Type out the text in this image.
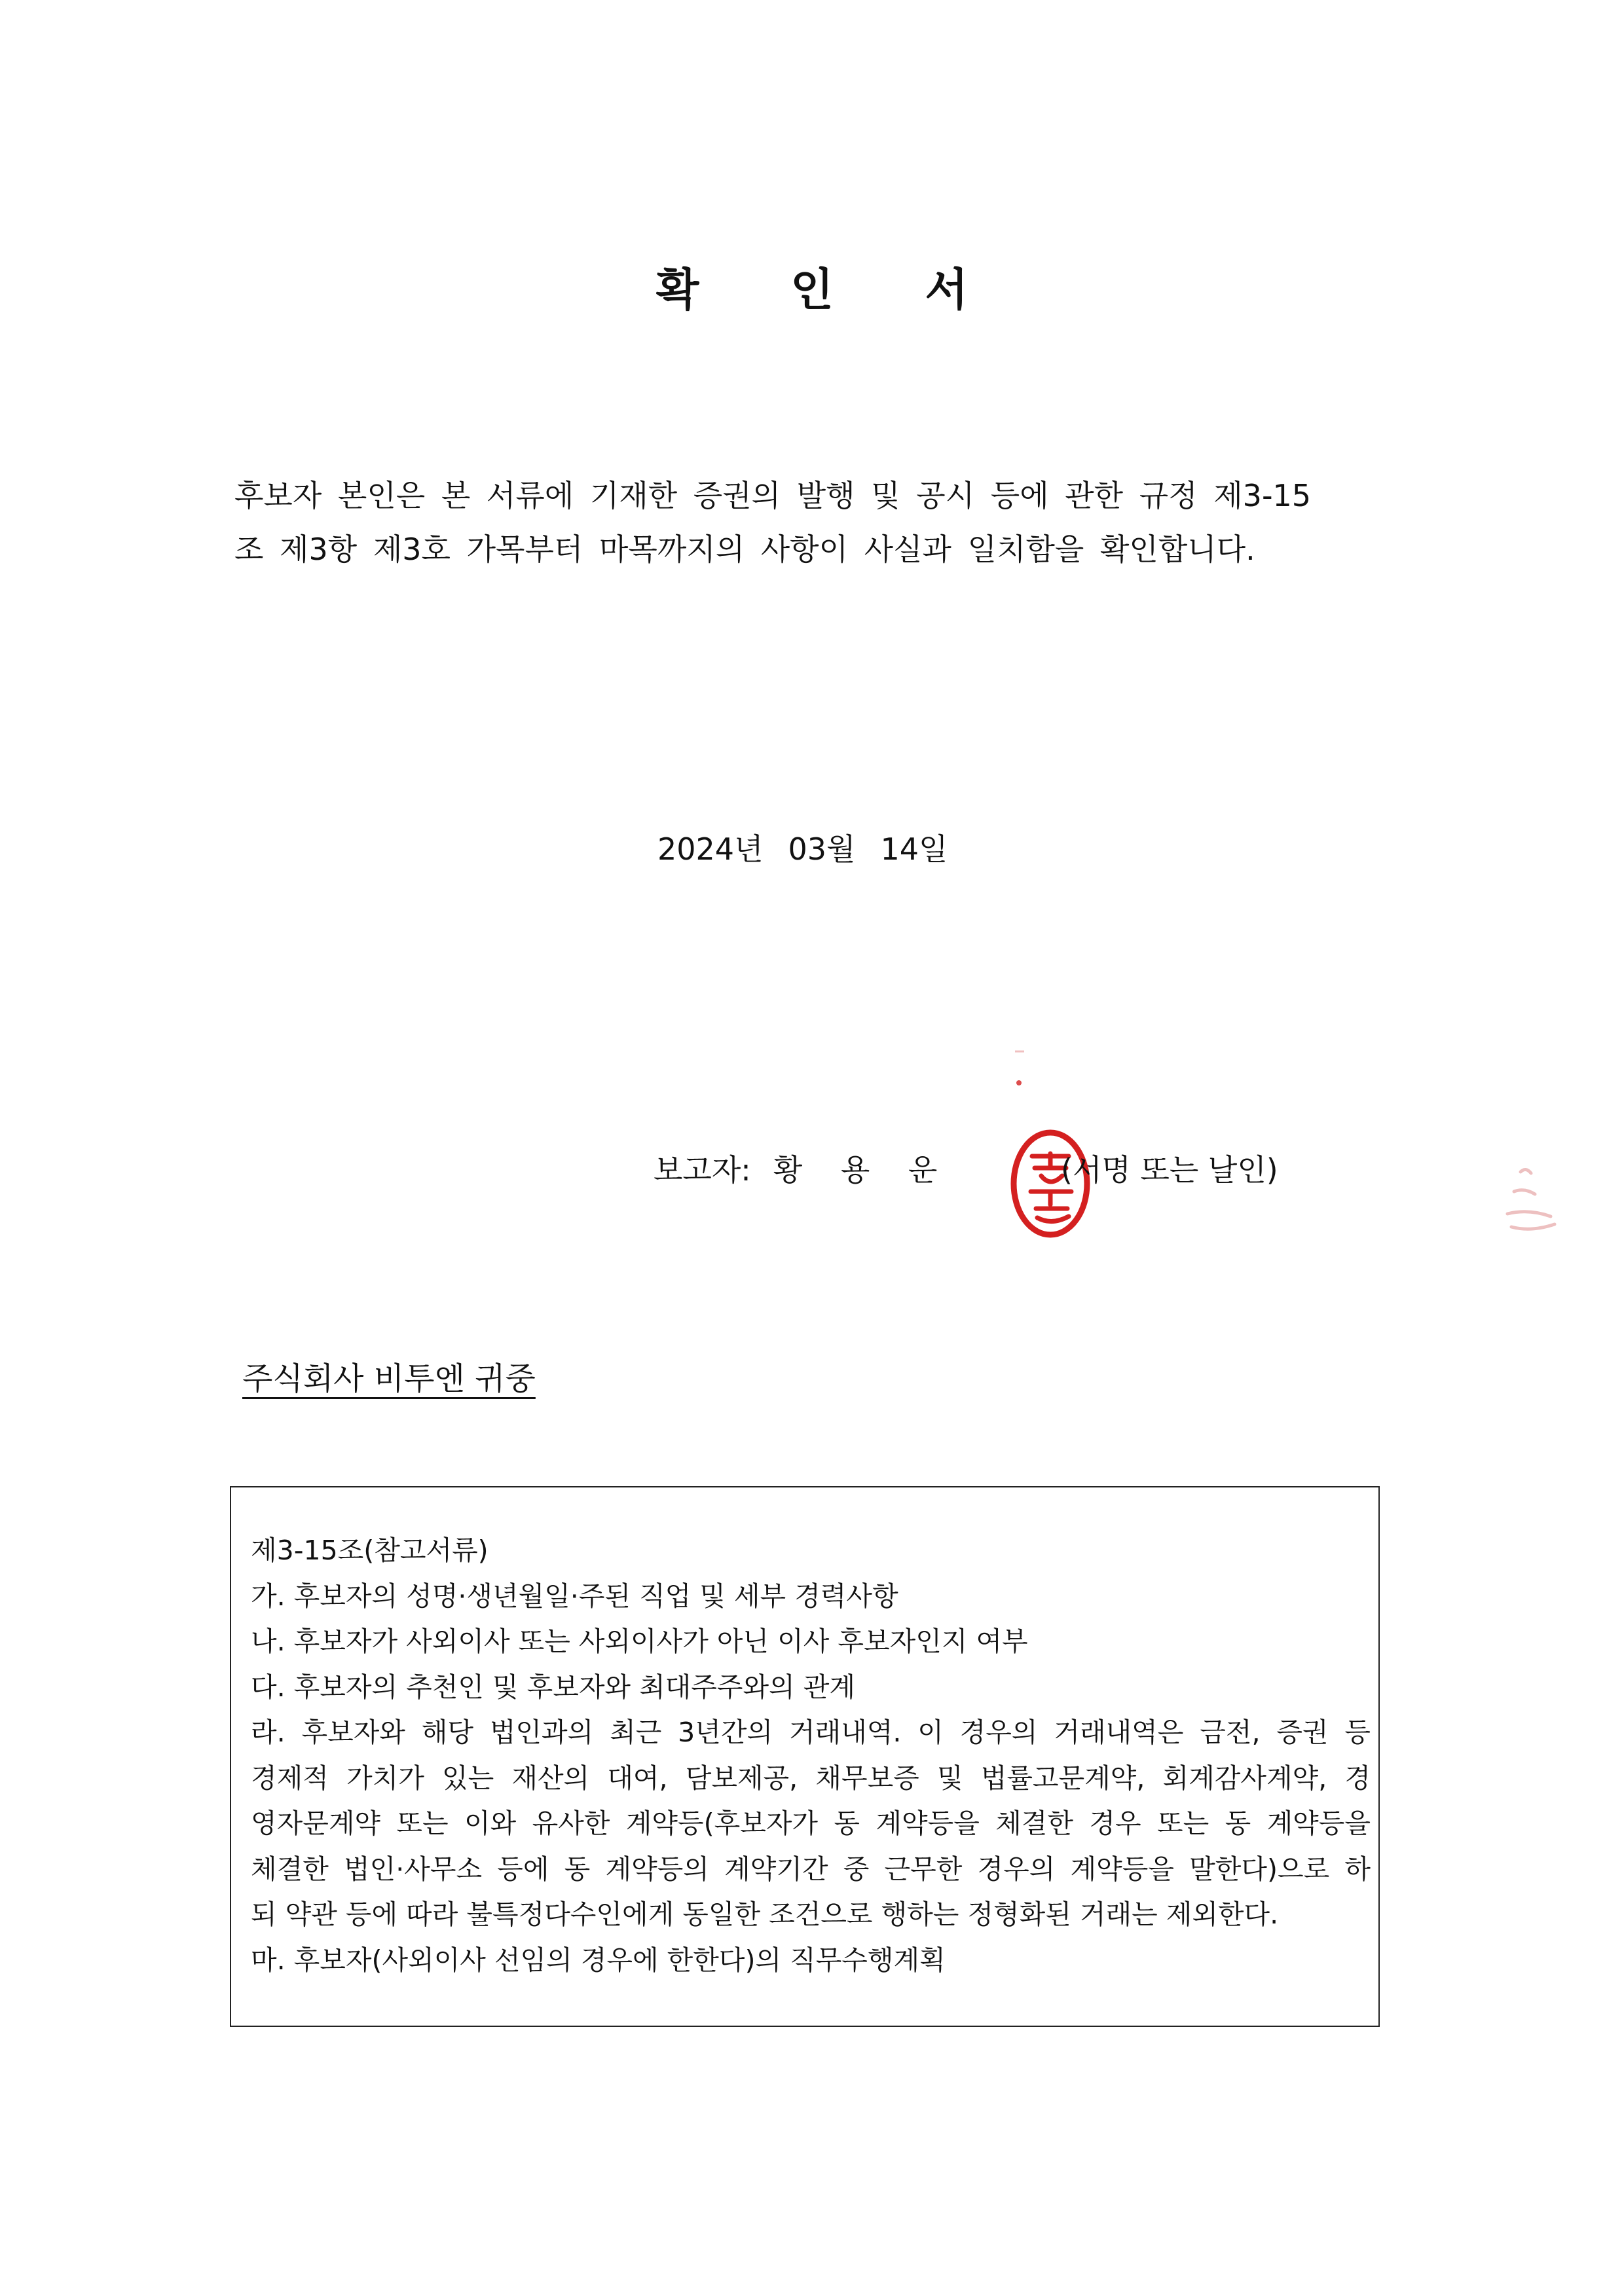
확 인 서
후보자 본인은 본 서류에 기재한 증권의 발행 및 공시 등에 관한 규정 제3-15
조 제3항 제3호 가목부터 마목까지의 사항이 사실과 일치함을 확인합니다.
2024년 03월 14일
보고자: 황 용 운	(서명 또는 날인)
주식회사 비투엔 귀중
제3-15조(참고서류)
가. 후보자의 성명·생년월일·주된 직업 및 세부 경력사항
나. 후보자가 사외이사 또는 사외이사가 아닌 이사 후보자인지 여부
다. 후보자의 추천인 및 후보자와 최대주주와의 관계
라. 후보자와 해당 법인과의 최근 3년간의 거래내역. 이 경우의 거래내역은 금전, 증권 등
경제적 가치가 있는 재산의 대여, 담보제공, 채무보증 및 법률고문계약, 회계감사계약, 경
영자문계약 또는 이와 유사한 계약등(후보자가 동 계약등을 체결한 경우 또는 동 계약등을
체결한 법인·사무소 등에 동 계약등의 계약기간 중 근무한 경우의 계약등을 말한다)으로 하
되 약관 등에 따라 불특정다수인에게 동일한 조건으로 행하는 정형화된 거래는 제외한다.
마. 후보자(사외이사 선임의 경우에 한한다)의 직무수행계획
